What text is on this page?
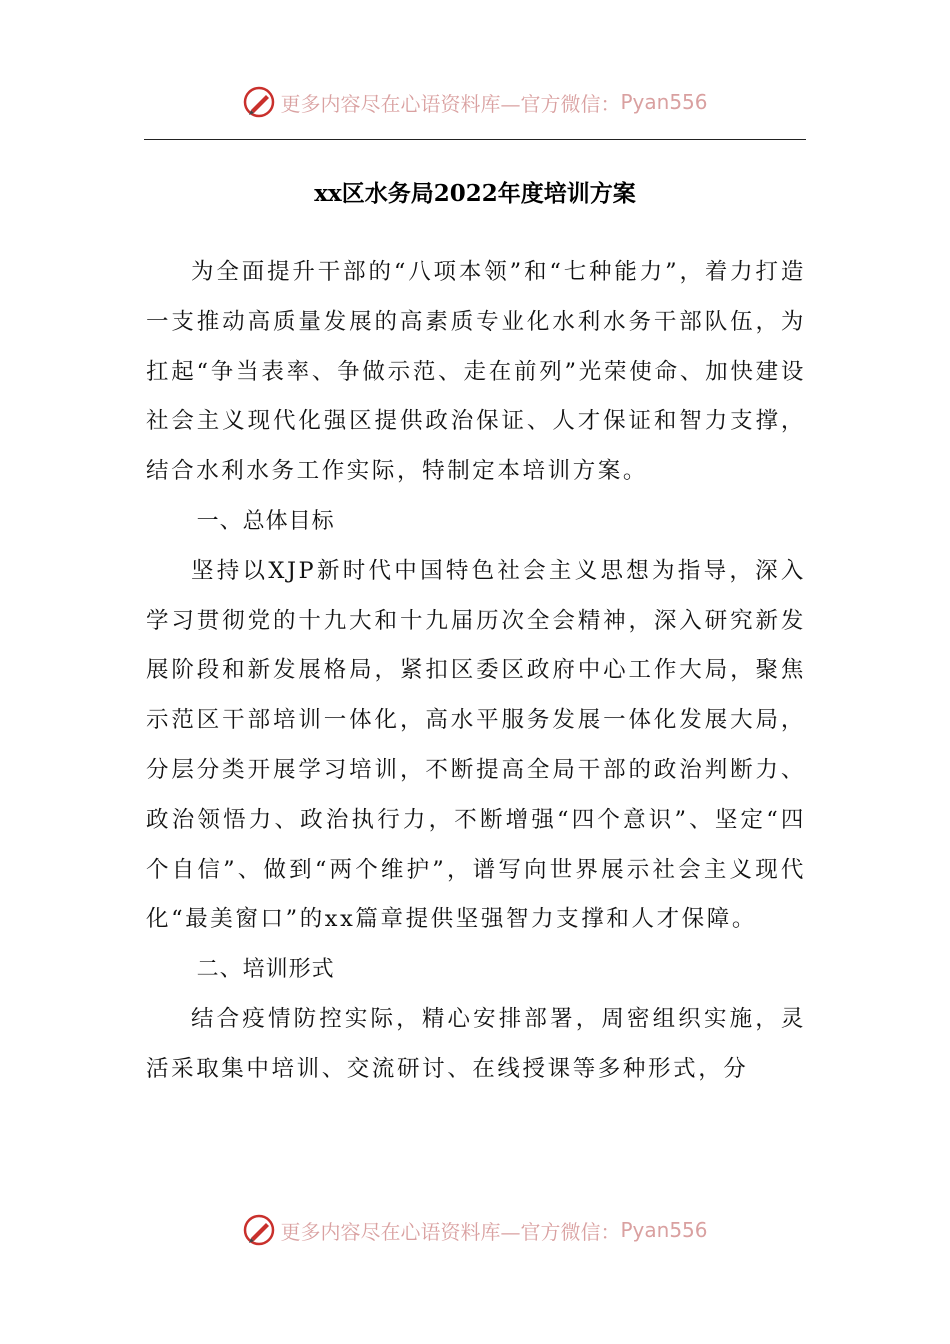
更多内容尽在心语资料库—官方微信： Pyan556
xx区水务局2022年度培训方案

为全面提升干部的“八项本领”和“七种能力”，着力打造一支推动高质量发展的高素质专业化水利水务干部队伍，为扛起“争当表率、争做示范、走在前列”光荣使命、加快建设社会主义现代化强区提供政治保证、人才保证和智力支撑，结合水利水务工作实际，特制定本培训方案。

一、总体目标

坚持以XJP新时代中国特色社会主义思想为指导，深入学习贯彻党的十九大和十九届历次全会精神，深入研究新发展阶段和新发展格局，紧扣区委区政府中心工作大局，聚焦示范区干部培训一体化，高水平服务发展一体化发展大局，分层分类开展学习培训，不断提高全局干部的政治判断力、政治领悟力、政治执行力，不断增强“四个意识”、坚定“四个自信”、做到“两个维护”，谱写向世界展示社会主义现代化“最美窗口”的xx篇章提供坚强智力支撑和人才保障。

二、培训形式

结合疫情防控实际，精心安排部署，周密组织实施，灵活采取集中培训、交流研讨、在线授课等多种形式，分

更多内容尽在心语资料库—官方微信： Pyan556
